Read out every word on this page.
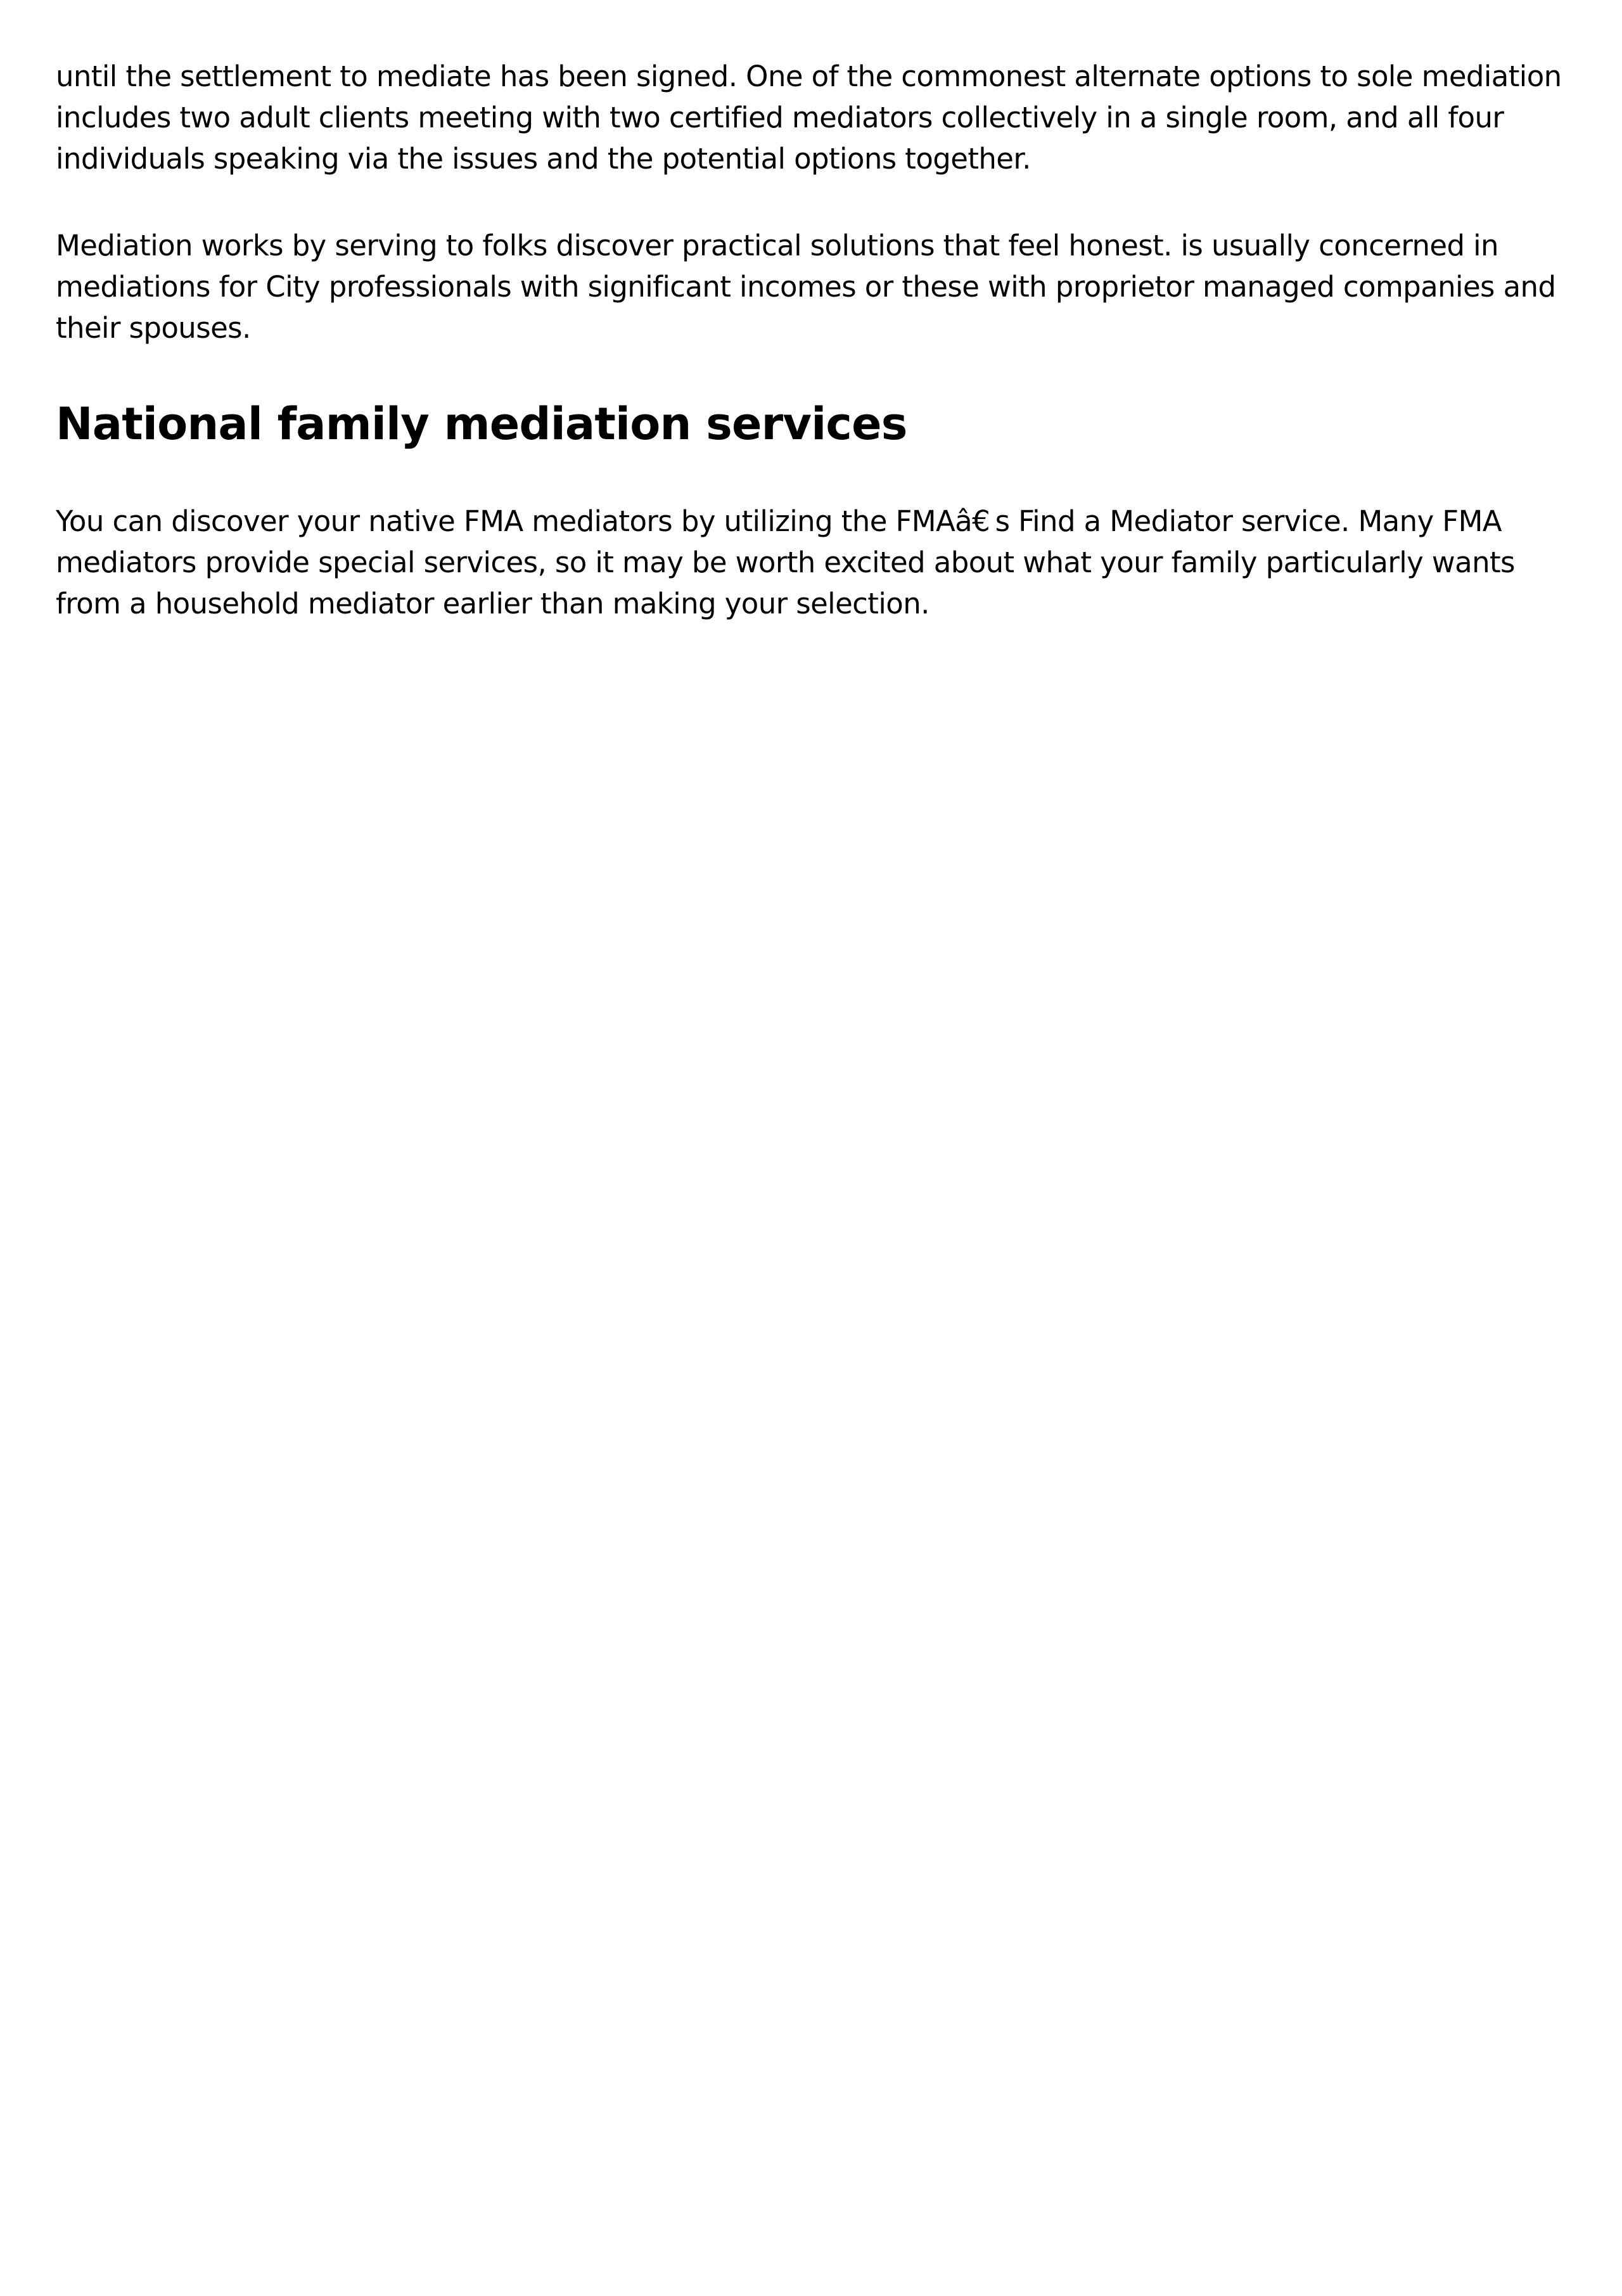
until the settlement to mediate has been signed. One of the commonest alternate options to sole mediation includes two adult clients meeting with two certified mediators collectively in a single room, and all four individuals speaking via the issues and the potential options together.

Mediation works by serving to folks discover practical solutions that feel honest. is usually concerned in mediations for City professionals with significant incomes or these with proprietor managed companies and their spouses.

National family mediation services

You can discover your native FMA mediators by utilizing the FMAâ€ s Find a Mediator service. Many FMA mediators provide special services, so it may be worth excited about what your family particularly wants from a household mediator earlier than making your selection.
